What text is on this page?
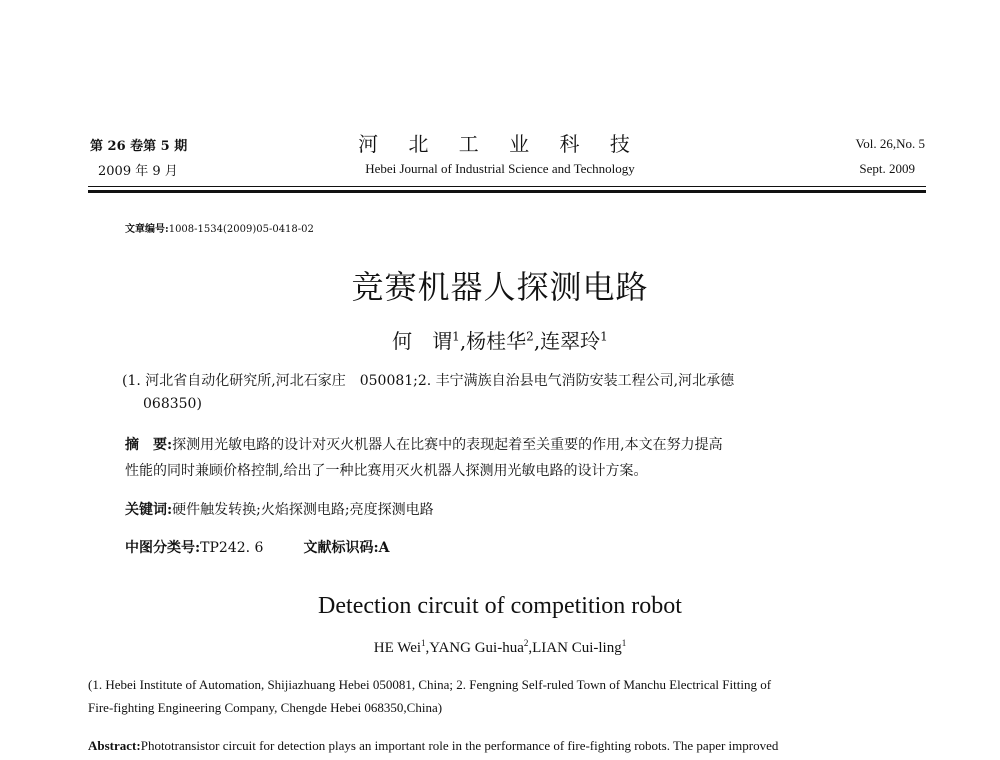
第 26 卷第 5 期
2009 年 9 月
河 北 工 业 科 技
Hebei Journal of Industrial Science and Technology
Vol. 26,No. 5
Sept. 2009
文章编号:1008-1534(2009)05-0418-02
竞赛机器人探测电路
何　谓$^1$,杨桂华$^2$,连翠玲$^1$
(1. 河北省自动化研究所,河北石家庄　050081;2. 丰宁满族自治县电气消防安装工程公司,河北承德
068350)
摘　要:探测用光敏电路的设计对灭火机器人在比赛中的表现起着至关重要的作用,本文在努力提高
性能的同时兼顾价格控制,给出了一种比赛用灭火机器人探测用光敏电路的设计方案。
关键词:硬件触发转换;火焰探测电路;亮度探测电路
中图分类号:TP242. 6	文献标识码:A
Detection circuit of competition robot
HE Wei$^1$,YANG Gui-hua$^2$,LIAN Cui-ling$^1$
(1. Hebei Institute of Automation, Shijiazhuang Hebei 050081, China; 2. Fengning Self-ruled Town of Manchu Electrical Fitting of
Fire-fighting Engineering Company, Chengde Hebei 068350,China)
Abstract:Phototransistor circuit for detection plays an important role in the performance of fire-fighting robots. The paper improved
